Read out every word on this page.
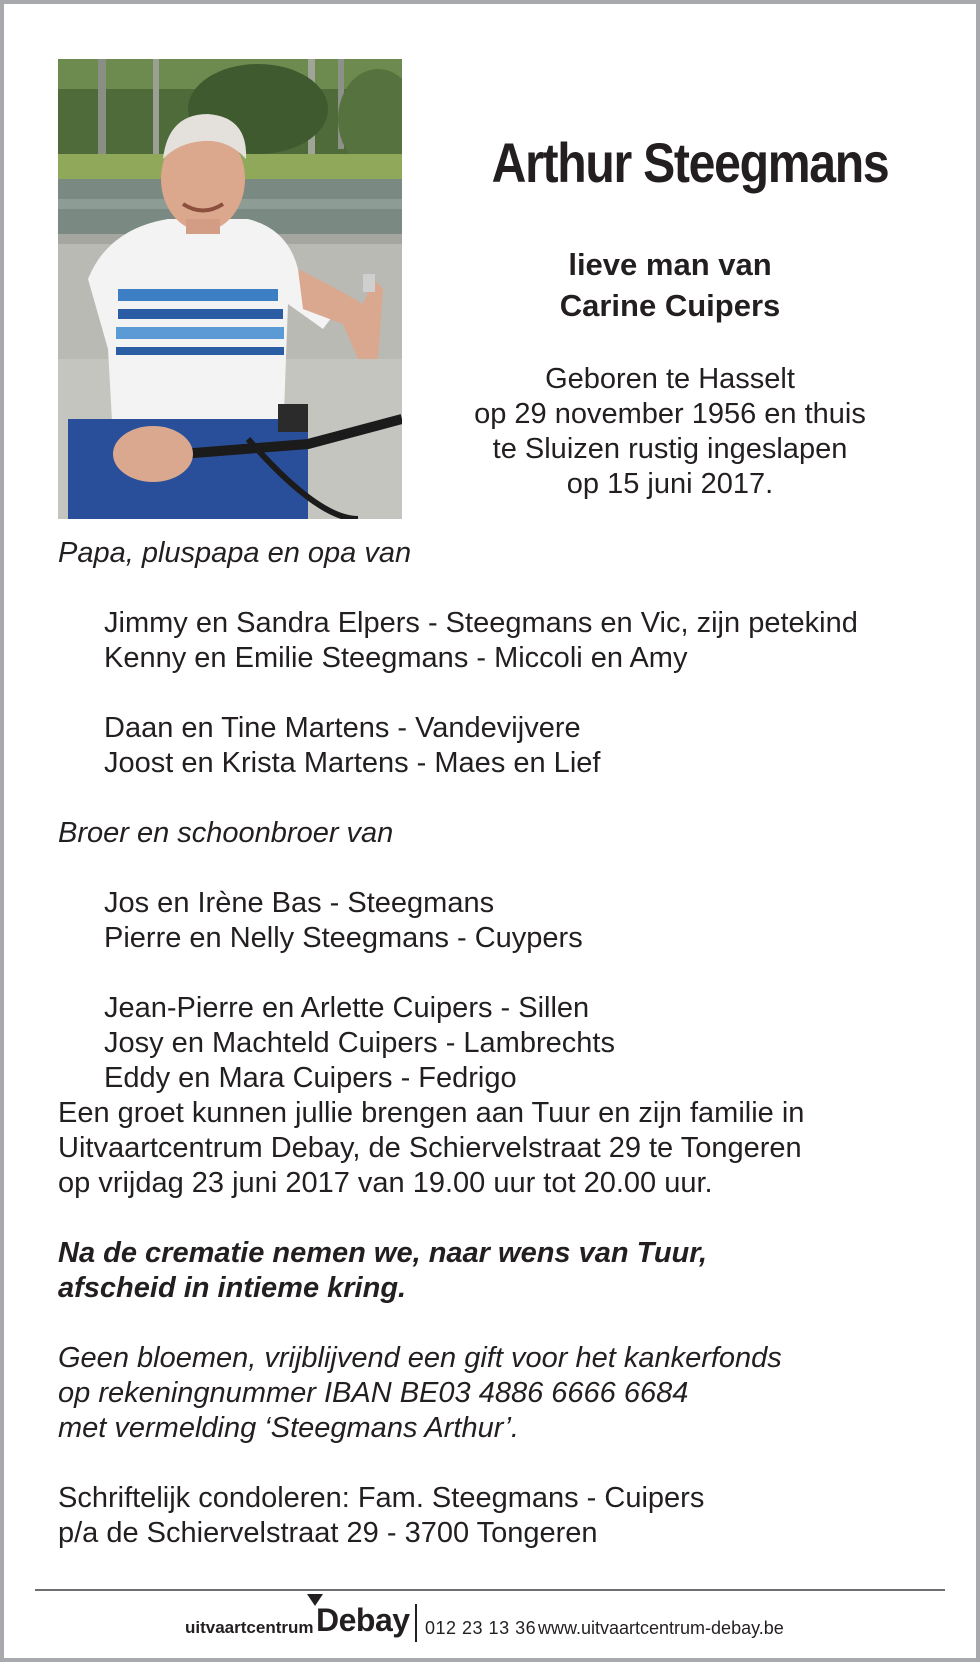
Arthur Steegmans
lieve man van
Carine Cuipers
Geboren te Hasselt
op 29 november 1956 en thuis
te Sluizen rustig ingeslapen
op 15 juni 2017.
Papa, pluspapa en opa van
Jimmy en Sandra Elpers - Steegmans en Vic, zijn petekind
Kenny en Emilie Steegmans - Miccoli en Amy
Daan en Tine Martens - Vandevijvere
Joost en Krista Martens - Maes en Lief
Broer en schoonbroer van
Jos en Irène Bas - Steegmans
Pierre en Nelly Steegmans - Cuypers
Jean-Pierre en Arlette Cuipers - Sillen
Josy en Machteld Cuipers - Lambrechts
Eddy en Mara Cuipers - Fedrigo
Een groet kunnen jullie brengen aan Tuur en zijn familie in
Uitvaartcentrum Debay, de Schiervelstraat 29 te Tongeren
op vrijdag 23 juni 2017 van 19.00 uur tot 20.00 uur.
Na de crematie nemen we, naar wens van Tuur,
afscheid in intieme kring.
Geen bloemen, vrijblijvend een gift voor het kankerfonds
op rekeningnummer IBAN BE03 4886 6666 6684
met vermelding ‘Steegmans Arthur’.
Schriftelijk condoleren: Fam. Steegmans - Cuipers
p/a de Schiervelstraat 29 - 3700 Tongeren
uitvaartcentrum Debay 012 23 13 36 www.uitvaartcentrum-debay.be
